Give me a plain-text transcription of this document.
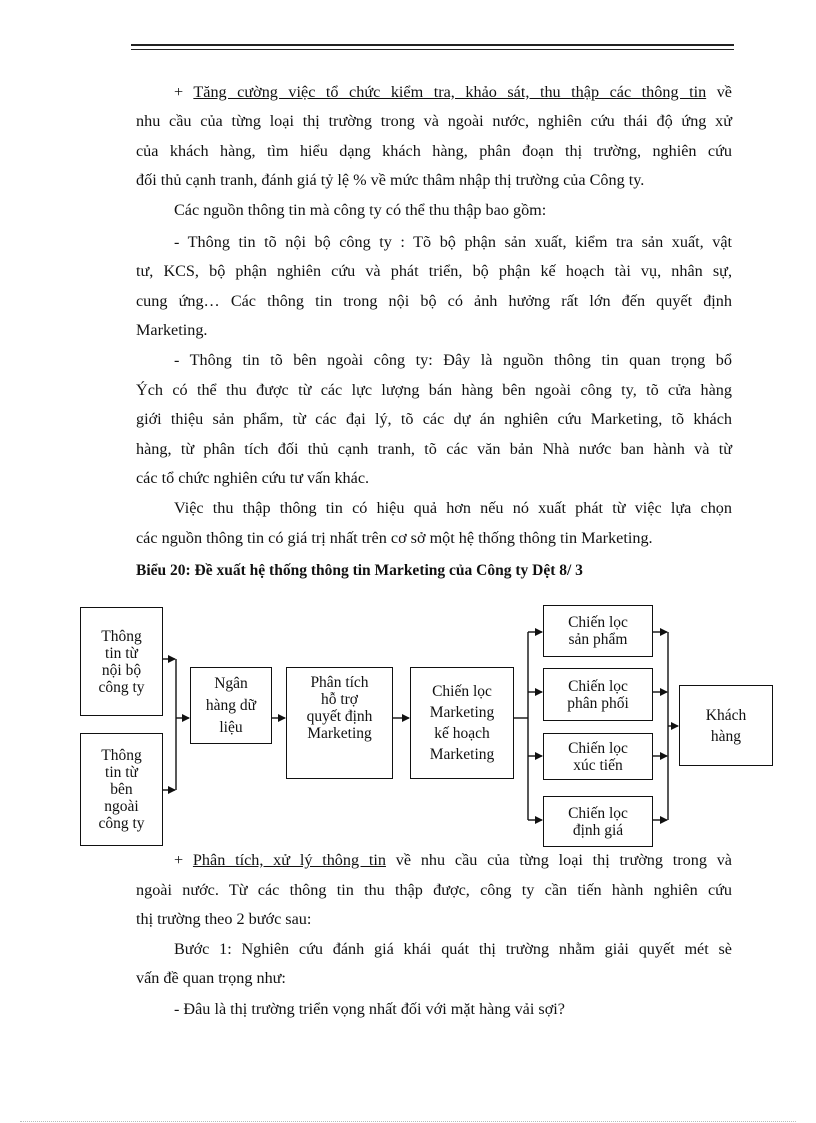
+ Tăng cường việc tổ chức kiểm tra, khảo sát, thu thập các thông tin về
nhu cầu của từng loại thị trường trong và ngoài nước, nghiên cứu thái độ ứng xử
của khách hàng, tìm hiểu dạng khách hàng, phân đoạn thị trường, nghiên cứu
đối thủ cạnh tranh, đánh giá tỷ lệ % về mức thâm nhập thị trường của Công ty.
Các nguồn thông tin mà công ty có thể thu thập bao gồm:
- Thông tin tõ nội bộ công ty : Tõ bộ phận sản xuất, kiểm tra sản xuất, vật
tư, KCS, bộ phận nghiên cứu và phát triển, bộ phận kế hoạch tài vụ, nhân sự,
cung ứng… Các thông tin trong nội bộ có ảnh hưởng rất lớn đến quyết định
Marketing.
- Thông tin tõ bên ngoài công ty: Đây là nguồn thông tin quan trọng bổ
Ých có thể thu được từ các lực lượng bán hàng bên ngoài công ty, tõ cửa hàng
giới thiệu sản phẩm, từ các đại lý, tõ các dự án nghiên cứu Marketing, tõ khách
hàng, từ phân tích đối thủ cạnh tranh, tõ các văn bản Nhà nước ban hành và từ
các tổ chức nghiên cứu tư vấn khác.
Việc thu thập thông tin có hiệu quả hơn nếu nó xuất phát từ việc lựa chọn
các nguồn thông tin có giá trị nhất trên cơ sở một hệ thống thông tin Marketing.
Biểu 20: Đề xuất hệ thống thông tin Marketing của Công ty Dệt 8/ 3
Thông
tin từ
nội bộ
công ty
Thông
tin từ
bên
ngoài
công ty
Ngân
hàng dữ
liệu
Phân tích
hỗ trợ
quyết định
Marketing
Chiến lọc
Marketing
kế hoạch
Marketing
Chiến lọc
sản phẩm
Chiến lọc
phân phối
Chiến lọc
xúc tiến
Chiến lọc
định giá
Khách
hàng
+ Phân tích, xử lý thông tin về nhu cầu của từng loại thị trường trong và
ngoài nước. Từ các thông tin thu thập được, công ty cần tiến hành nghiên cứu
thị trường theo 2 bước sau:
Bước 1: Nghiên cứu đánh giá khái quát thị trường nhằm giải quyết mét sè
vấn đề quan trọng như:
- Đâu là thị trường triển vọng nhất đối với mặt hàng vải sợi?
